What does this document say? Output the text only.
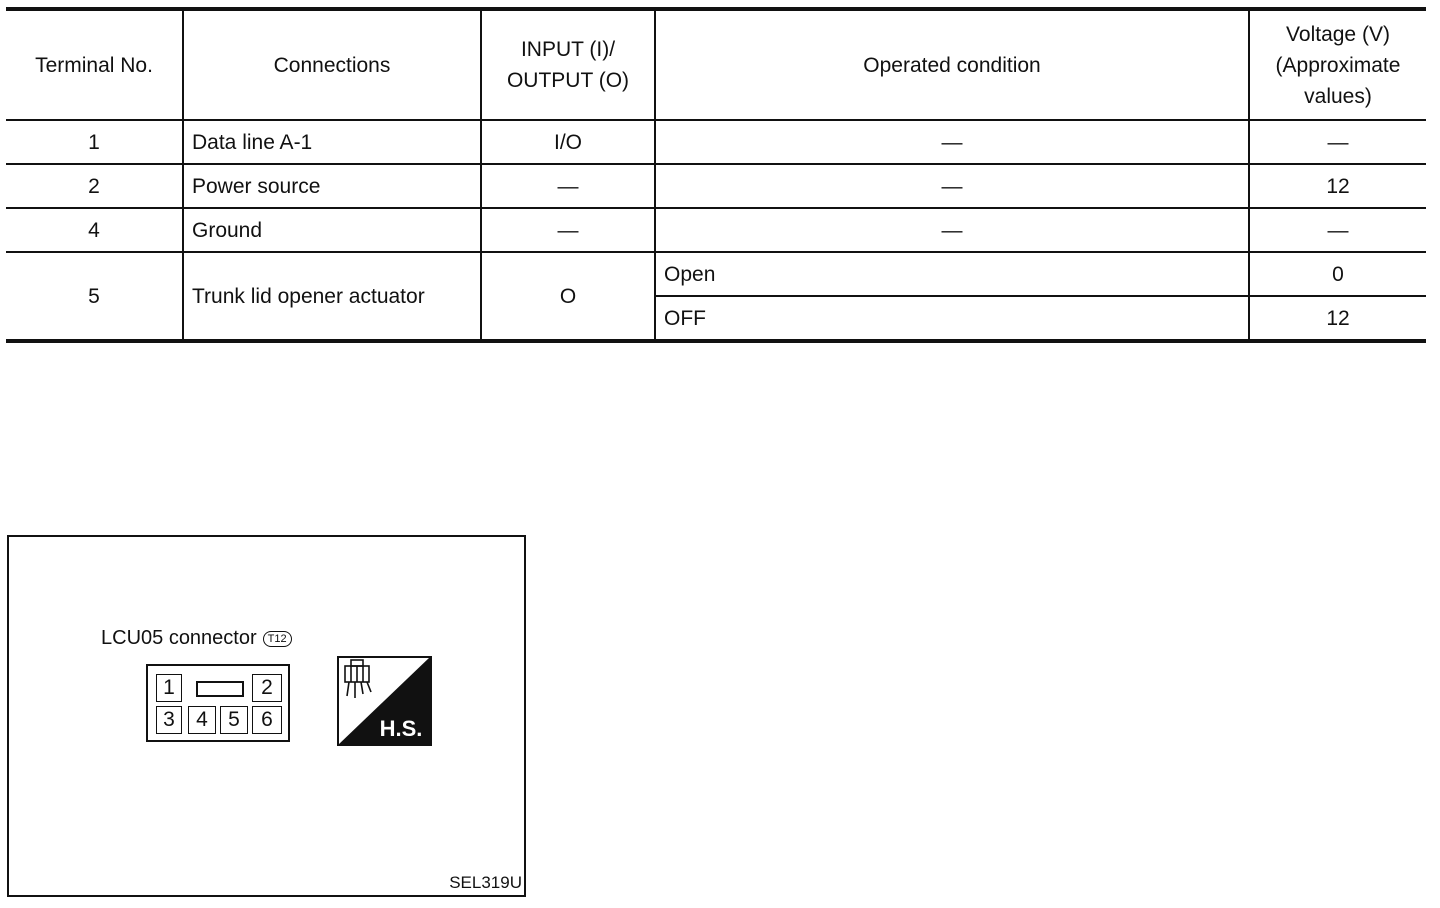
Terminal No.	Connections	INPUT (I)/ OUTPUT (O)	Operated condition	Voltage (V) (Approximate values)
1	Data line A-1	I/O	—	—
2	Power source	—	—	12
4	Ground	—	—	—
5	Trunk lid opener actuator	O	Open	0
			OFF	12
LCU05 connector T12
1	2
3	4 5	6	H.S.
SEL319U
